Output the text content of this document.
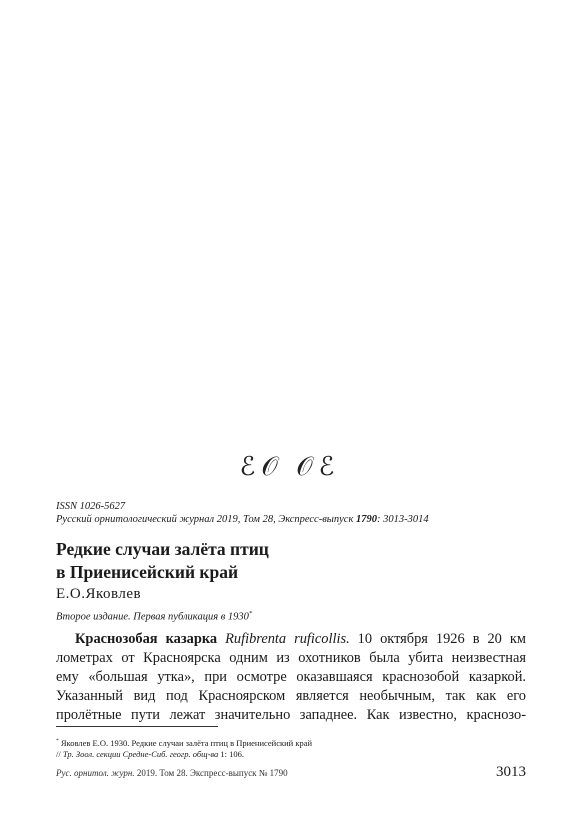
ℰ𝒪 𝒪ℰ
ISSN 1026-5627
Русский орнитологический журнал 2019, Том 28, Экспресс-выпуск 1790: 3013-3014
Редкие случаи залёта птиц
в Приенисейский край
Е.О.Яковлев
Второе издание. Первая публикация в 1930*
Краснозобая казарка Rufibrenta ruficollis. 10 октября 1926 в 20 км
лометрах от Красноярска одним из охотников была убита неизвестная
ему «большая утка», при осмотре оказавшаяся краснозобой казаркой.
Указанный вид под Красноярском является необычным, так как его
пролётные пути лежат значительно западнее. Как известно, краснозо-
* Яковлев Е.О. 1930. Редкие случаи залёта птиц в Приенисейский край
// Тр. Зоол. секции Средне-Сиб. геогр. общ-ва 1: 106.
Рус. орнитол. журн. 2019. Том 28. Экспресс-выпуск № 1790	3013
